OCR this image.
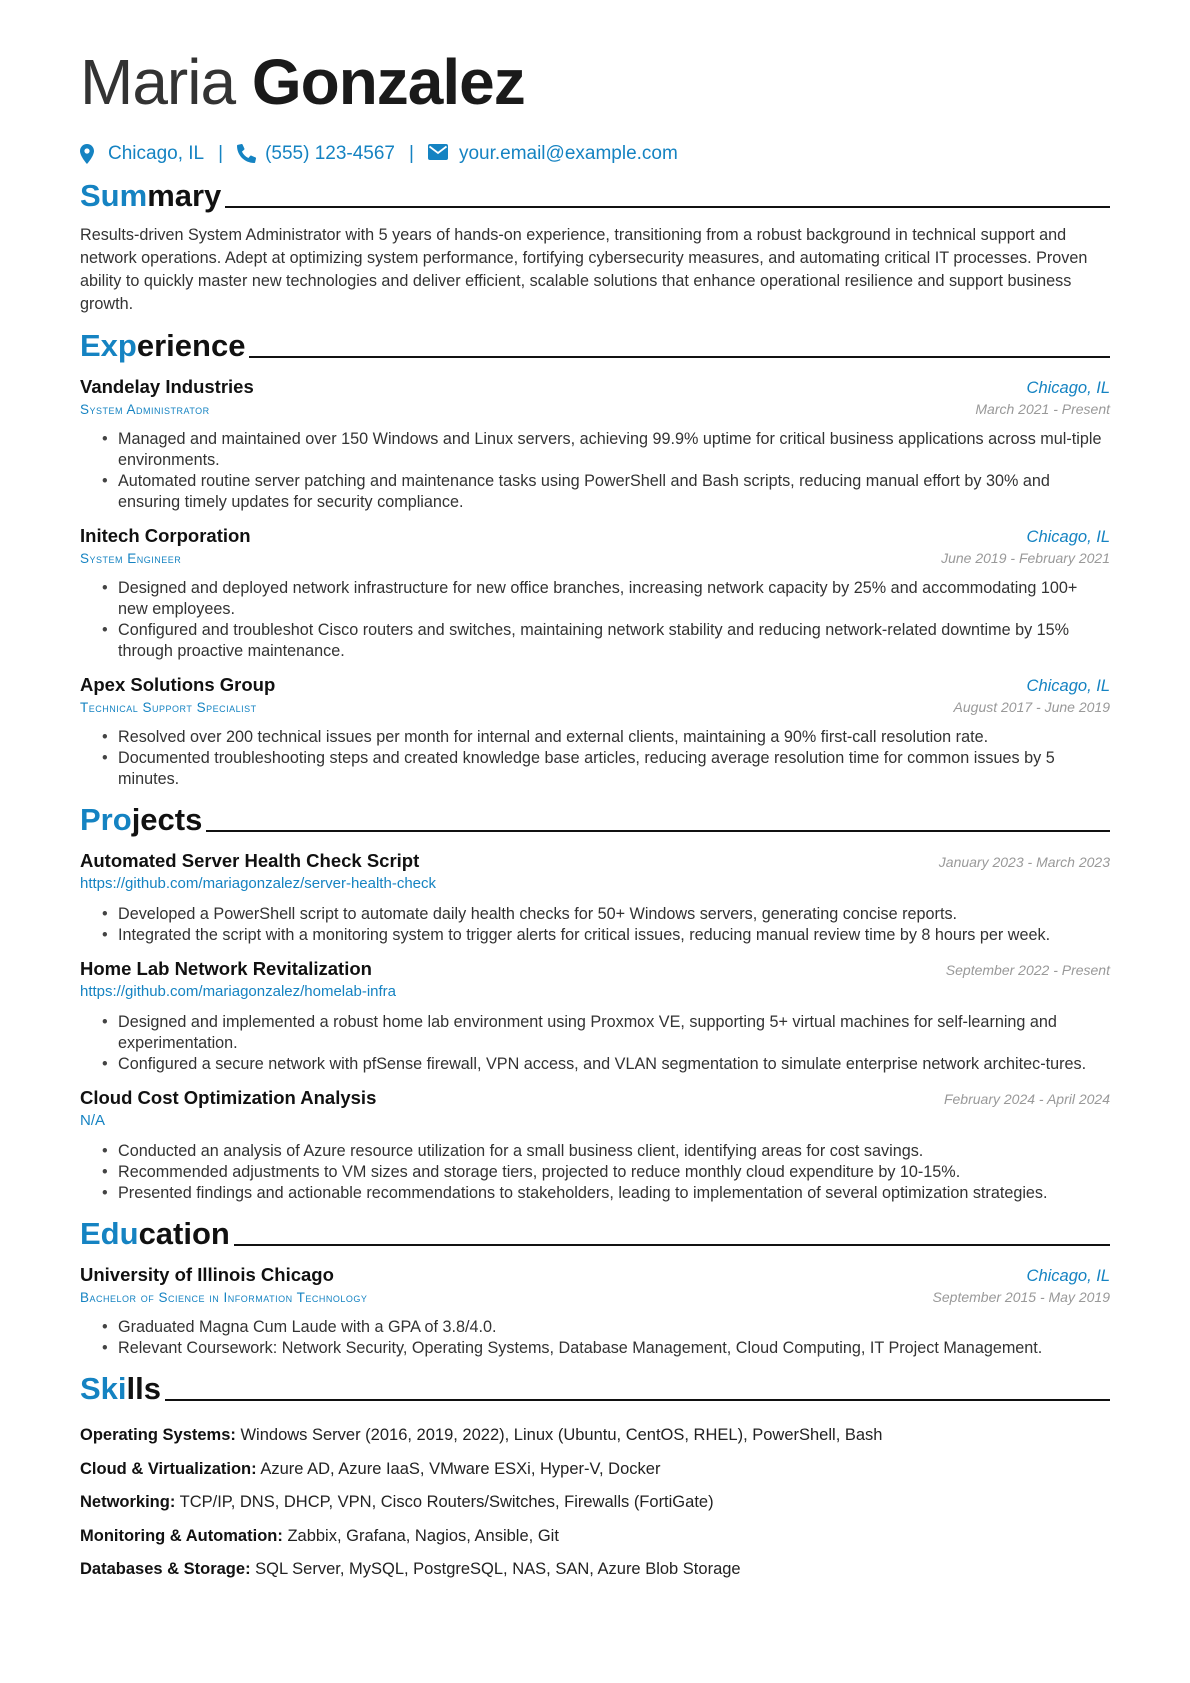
Maria Gonzalez
Chicago, IL | (555) 123-4567 | your.email@example.com
Summary
Results-driven System Administrator with 5 years of hands-on experience, transitioning from a robust background in technical support and network operations. Adept at optimizing system performance, fortifying cybersecurity measures, and automating critical IT processes. Proven ability to quickly master new technologies and deliver efficient, scalable solutions that enhance operational resilience and support business growth.
Experience
Vandelay Industries	Chicago, IL
System Administrator	March 2021 - Present
• Managed and maintained over 150 Windows and Linux servers, achieving 99.9% uptime for critical business applications across mul-tiple environments.
• Automated routine server patching and maintenance tasks using PowerShell and Bash scripts, reducing manual effort by 30% and ensuring timely updates for security compliance.
Initech Corporation	Chicago, IL
System Engineer	June 2019 - February 2021
• Designed and deployed network infrastructure for new office branches, increasing network capacity by 25% and accommodating 100+ new employees.
• Configured and troubleshot Cisco routers and switches, maintaining network stability and reducing network-related downtime by 15% through proactive maintenance.
Apex Solutions Group	Chicago, IL
Technical Support Specialist	August 2017 - June 2019
• Resolved over 200 technical issues per month for internal and external clients, maintaining a 90% first-call resolution rate.
• Documented troubleshooting steps and created knowledge base articles, reducing average resolution time for common issues by 5 minutes.
Projects
Automated Server Health Check Script	January 2023 - March 2023
https://github.com/mariagonzalez/server-health-check
• Developed a PowerShell script to automate daily health checks for 50+ Windows servers, generating concise reports.
• Integrated the script with a monitoring system to trigger alerts for critical issues, reducing manual review time by 8 hours per week.
Home Lab Network Revitalization	September 2022 - Present
https://github.com/mariagonzalez/homelab-infra
• Designed and implemented a robust home lab environment using Proxmox VE, supporting 5+ virtual machines for self-learning and experimentation.
• Configured a secure network with pfSense firewall, VPN access, and VLAN segmentation to simulate enterprise network architec-tures.
Cloud Cost Optimization Analysis	February 2024 - April 2024
N/A
• Conducted an analysis of Azure resource utilization for a small business client, identifying areas for cost savings.
• Recommended adjustments to VM sizes and storage tiers, projected to reduce monthly cloud expenditure by 10-15%.
• Presented findings and actionable recommendations to stakeholders, leading to implementation of several optimization strategies.
Education
University of Illinois Chicago	Chicago, IL
Bachelor of Science in Information Technology	September 2015 - May 2019
• Graduated Magna Cum Laude with a GPA of 3.8/4.0.
• Relevant Coursework: Network Security, Operating Systems, Database Management, Cloud Computing, IT Project Management.
Skills
Operating Systems: Windows Server (2016, 2019, 2022), Linux (Ubuntu, CentOS, RHEL), PowerShell, Bash
Cloud & Virtualization: Azure AD, Azure IaaS, VMware ESXi, Hyper-V, Docker
Networking: TCP/IP, DNS, DHCP, VPN, Cisco Routers/Switches, Firewalls (FortiGate)
Monitoring & Automation: Zabbix, Grafana, Nagios, Ansible, Git
Databases & Storage: SQL Server, MySQL, PostgreSQL, NAS, SAN, Azure Blob Storage
